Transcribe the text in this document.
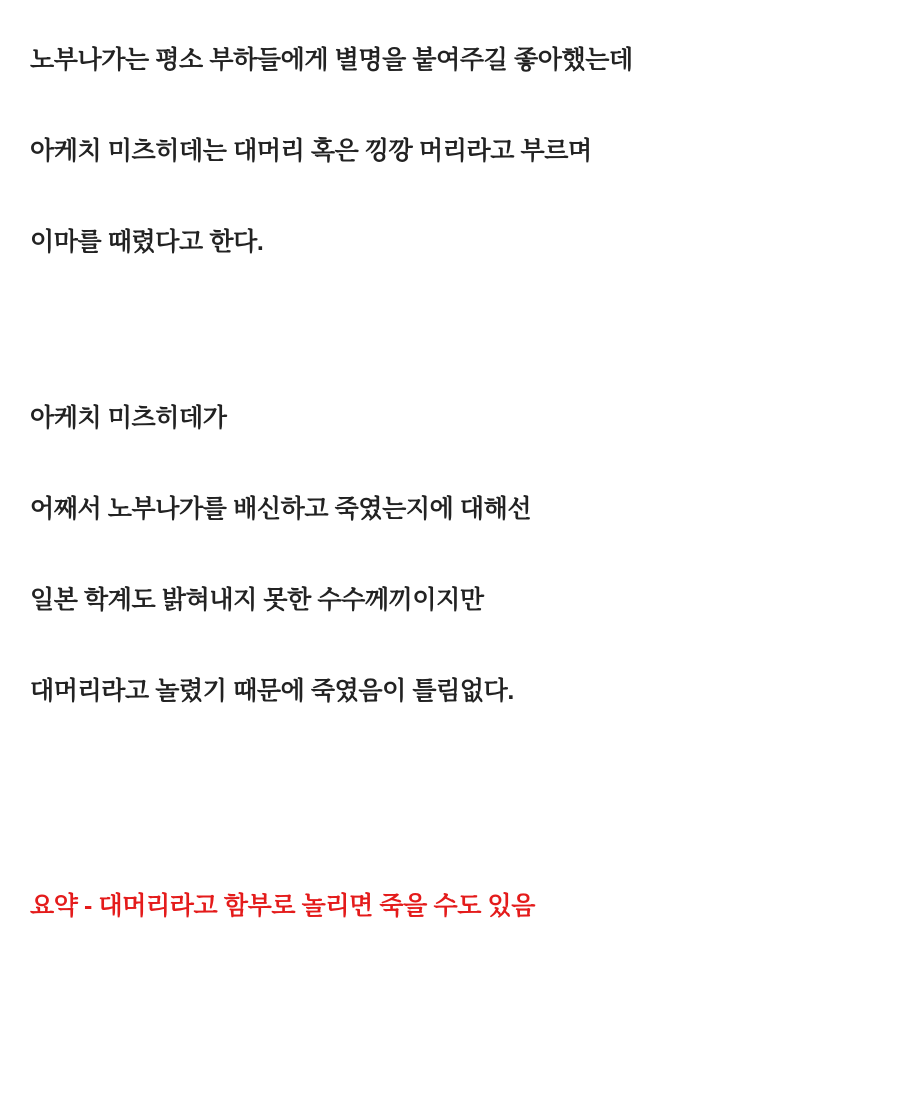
노부나가는 평소 부하들에게 별명을 붙여주길 좋아했는데

아케치 미츠히데는 대머리 혹은 낑깡 머리라고 부르며

이마를 때렸다고 한다.

아케치 미츠히데가

어째서 노부나가를 배신하고 죽였는지에 대해선

일본 학계도 밝혀내지 못한 수수께끼이지만

대머리라고 놀렸기 때문에 죽였음이 틀림없다.

요약 - 대머리라고 함부로 놀리면 죽을 수도 있음
